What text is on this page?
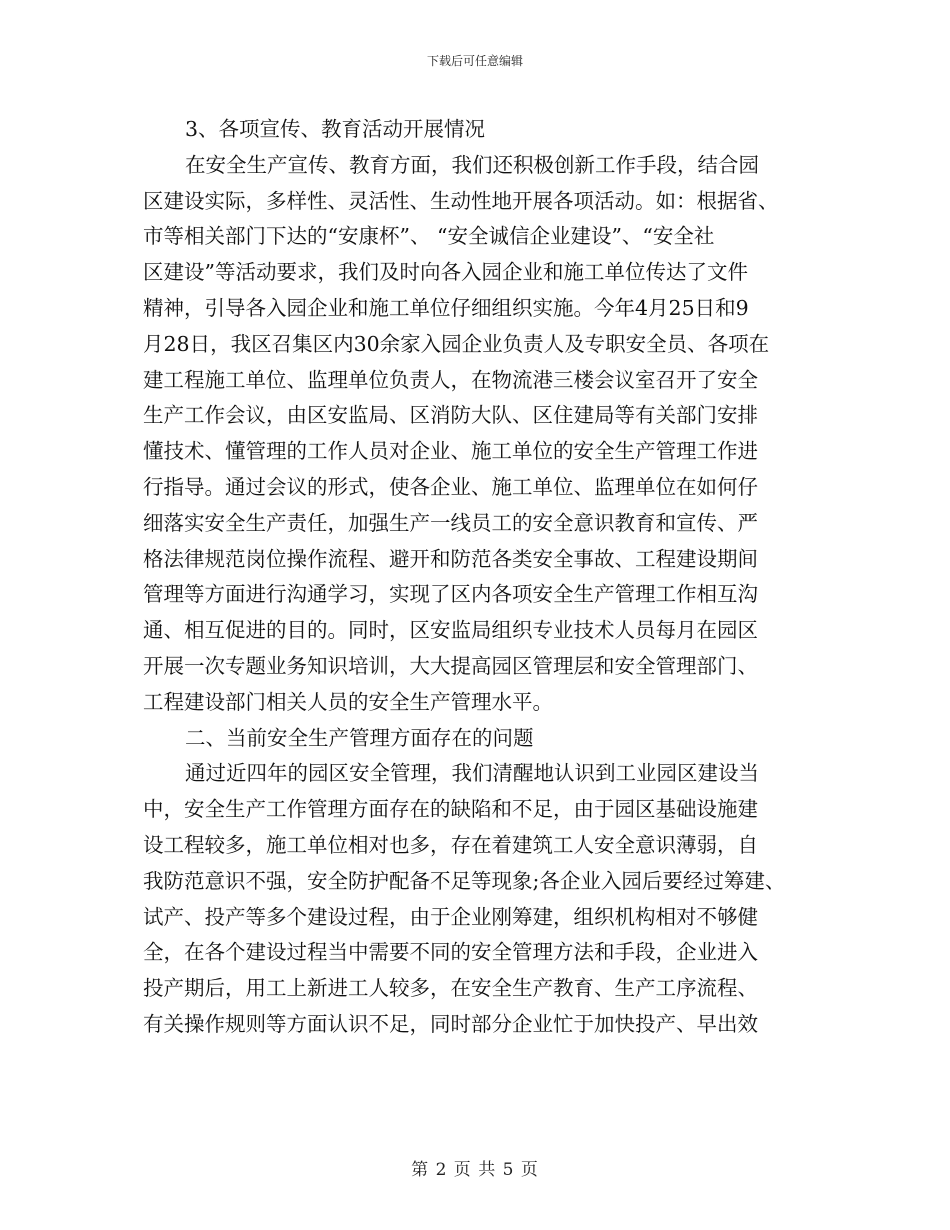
下载后可任意编辑
3、各项宣传、教育活动开展情况
在安全生产宣传、教育方面，我们还积极创新工作手段，结合园
区建设实际，多样性、灵活性、生动性地开展各项活动。如：根据省、
市等相关部门下达的“安康杯”、 “安全诚信企业建设”、“安全社
区建设”等活动要求，我们及时向各入园企业和施工单位传达了文件
精神，引导各入园企业和施工单位仔细组织实施。今年4月25日和9
月28日，我区召集区内30余家入园企业负责人及专职安全员、各项在
建工程施工单位、监理单位负责人，在物流港三楼会议室召开了安全
生产工作会议，由区安监局、区消防大队、区住建局等有关部门安排
懂技术、懂管理的工作人员对企业、施工单位的安全生产管理工作进
行指导。通过会议的形式，使各企业、施工单位、监理单位在如何仔
细落实安全生产责任，加强生产一线员工的安全意识教育和宣传、严
格法律规范岗位操作流程、避开和防范各类安全事故、工程建设期间
管理等方面进行沟通学习，实现了区内各项安全生产管理工作相互沟
通、相互促进的目的。同时，区安监局组织专业技术人员每月在园区
开展一次专题业务知识培训，大大提高园区管理层和安全管理部门、
工程建设部门相关人员的安全生产管理水平。
二、当前安全生产管理方面存在的问题
通过近四年的园区安全管理，我们清醒地认识到工业园区建设当
中，安全生产工作管理方面存在的缺陷和不足，由于园区基础设施建
设工程较多，施工单位相对也多，存在着建筑工人安全意识薄弱，自
我防范意识不强，安全防护配备不足等现象;各企业入园后要经过筹建、
试产、投产等多个建设过程，由于企业刚筹建，组织机构相对不够健
全，在各个建设过程当中需要不同的安全管理方法和手段，企业进入
投产期后，用工上新进工人较多，在安全生产教育、生产工序流程、
有关操作规则等方面认识不足，同时部分企业忙于加快投产、早出效
第 2 页 共 5 页
